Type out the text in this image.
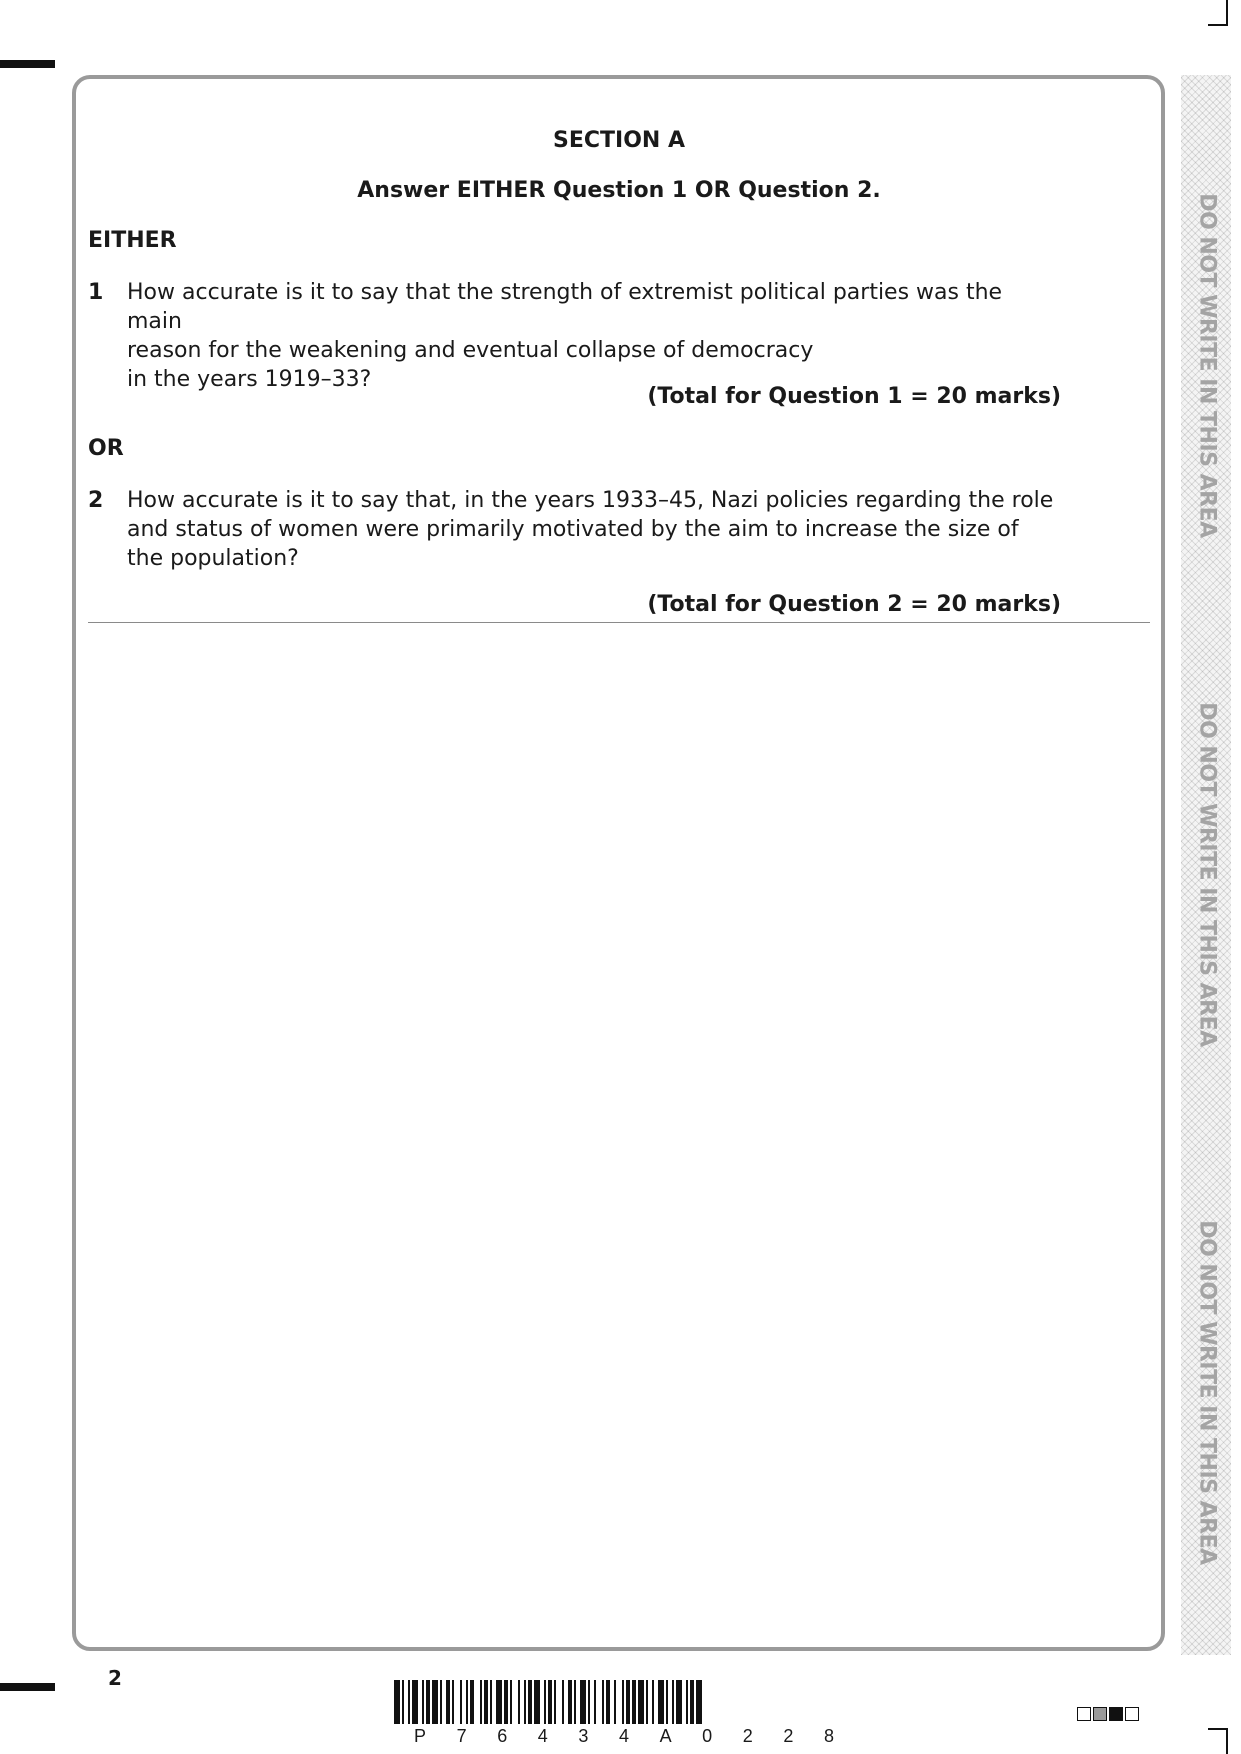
SECTION A
Answer EITHER Question 1 OR Question 2.
EITHER
1 How accurate is it to say that the strength of extremist political parties was the main
reason for the weakening and eventual collapse of democracy
in the years 1919–33?
(Total for Question 1 = 20 marks)
OR
2 How accurate is it to say that, in the years 1933–45, Nazi policies regarding the role
and status of women were primarily motivated by the aim to increase the size of
the population?
(Total for Question 2 = 20 marks)
DO NOT WRITE IN THIS AREA
DO NOT WRITE IN THIS AREA
DO NOT WRITE IN THIS AREA
2
P 7 6 4 3 4 A 0 2 2 8
